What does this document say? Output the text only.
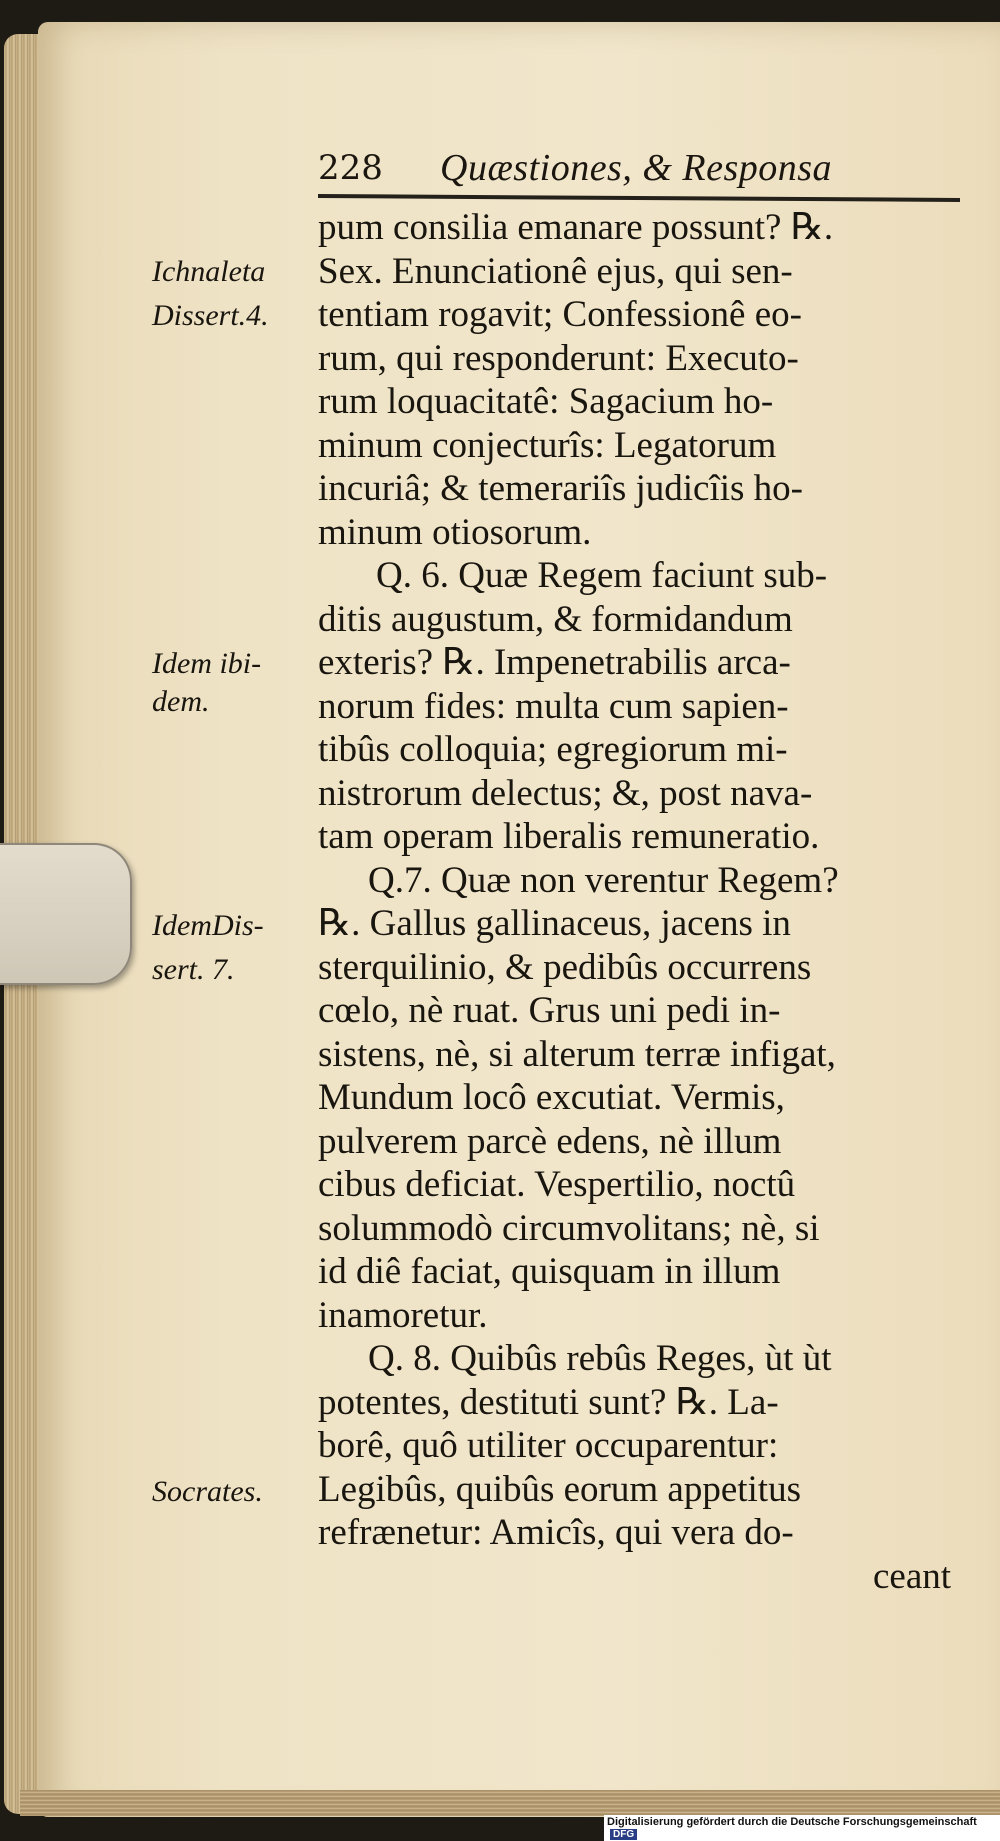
228 Quæstiones, & Responsa
pum consilia emanare possunt? ℞.
Sex. Enunciationê ejus, qui sen-
tentiam rogavit; Confessionê eo-
rum, qui responderunt: Executo-
rum loquacitatê: Sagacium ho-
minum conjecturîs: Legatorum
incuriâ; & temerariîs judicîis ho-
minum otiosorum.
Q. 6. Quæ Regem faciunt sub-
ditis augustum, & formidandum
exteris? ℞. Impenetrabilis arca-
norum fides: multa cum sapien-
tibûs colloquia; egregiorum mi-
nistrorum delectus; &, post nava-
tam operam liberalis remuneratio.
Q.7. Quæ non verentur Regem?
℞. Gallus gallinaceus, jacens in
sterquilinio, & pedibûs occurrens
cœlo, nè ruat. Grus uni pedi in-
sistens, nè, si alterum terræ infigat,
Mundum locô excutiat. Vermis,
pulverem parcè edens, nè illum
cibus deficiat. Vespertilio, noctû
solummodò circumvolitans; nè, si
id diê faciat, quisquam in illum
inamoretur.
Q. 8. Quibûs rebûs Reges, ùt ùt
potentes, destituti sunt? ℞. La-
borê, quô utiliter occuparentur:
Legibûs, quibûs eorum appetitus
refrænetur: Amicîs, qui vera do-
ceant
Ichnaleta
Dissert.4.
Idem ibi-
dem.
IdemDis-
sert. 7.
Socrates.
Digitalisierung gefördert durch die Deutsche Forschungsgemeinschaft DFG
